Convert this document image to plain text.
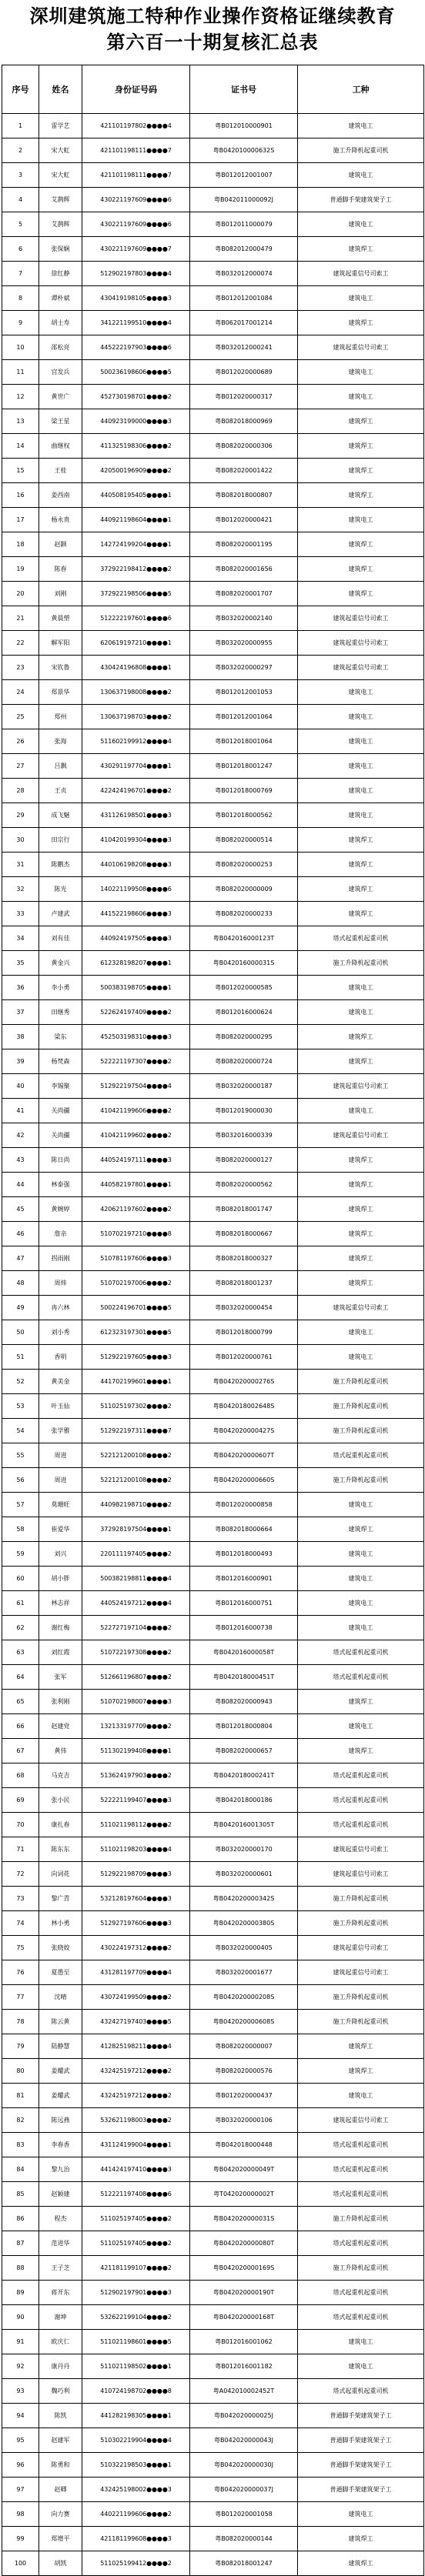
深圳建筑施工特种作业操作资格证继续教育
第六百一十期复核汇总表
序号	姓名	身份证号码	证书号	工种
1	雷学艺	421101197802●●●●4	粤B012010000901	建筑电工
2	宋大虹	421101198111●●●●7	粤B042010000632S	施工升降机起重司机
3	宋大虹	421101198111●●●●7	粤B012012001007	建筑电工
4	艾鹊辉	430221197609●●●●6	粤B042011000092J	普通脚手架建筑架子工
5	艾鹊辉	430221197609●●●●6	粤B012011000079	建筑电工
6	张保娴	430221197609●●●●7	粤B082012000479	建筑焊工
7	徐红静	512902197803●●●●4	粤B032012000074	建筑起重信号司索工
8	谭朴斌	430419198105●●●●3	粤B012012001084	建筑电工
9	胡士寿	341221199510●●●●4	粤B062017001214	建筑焊工
10	邵松亮	445222197903●●●●6	粤B032012000241	建筑起重信号司索工
11	宫发兵	500236198606●●●●5	粤B012020000689	建筑电工
12	黄世广	452730198701●●●●2	粤B012020000317	建筑电工
13	梁王星	440923199000●●●●3	粤B082018000969	建筑焊工
14	曲继权	411325198306●●●●2	粤B082020000306	建筑焊工
15	王桂	420500196909●●●●2	粤B082020001422	建筑焊工
16	姜西南	440508195405●●●●1	粤B082018000807	建筑焊工
17	杨永贵	440921198604●●●●1	粤B012020000421	建筑电工
18	赵颢	142724199204●●●●1	粤B082020001195	建筑焊工
19	陈春	372922198412●●●●2	粤B082020001656	建筑焊工
20	刘刚	372922198506●●●●5	粤B082020001707	建筑焊工
21	黄晨塑	512222197601●●●●6	粤B032020002140	建筑起重信号司索工
22	解军阳	620619197210●●●●1	粤B032020000955	建筑起重信号司索工
23	宋钦鲁	430424196808●●●●1	粤B032020000297	建筑起重信号司索工
24	郑景华	130637198008●●●●2	粤B012012001053	建筑电工
25	郑州	130637198703●●●●2	粤B012012001064	建筑电工
26	张海	511602199912●●●●4	粤B012018001064	建筑电工
27	吕飘	430291197704●●●●1	粤B012018001247	建筑电工
28	王贞	422424196701●●●●2	粤B012018000769	建筑电工
29	成飞魅	431126198501●●●●3	粤B012018000562	建筑电工
30	田宗行	410420199304●●●●3	粤B082020000514	建筑焊工
31	陈鹏杰	440106198208●●●●3	粤B082020000253	建筑焊工
32	陈光	140221199508●●●●6	粤B082020000009	建筑焊工
33	卢建武	441522198606●●●●3	粤B082020000233	建筑焊工
34	刘有佳	440924197505●●●●3	粤B042016000123T	塔式起重机起重司机
35	黄金兴	612328198207●●●●1	粤B042016000031S	施工升降机起重司机
36	李小勇	500383198705●●●●1	粤B012020000585	建筑电工
37	田继秀	522624197409●●●●2	粤B012016000624	建筑电工
38	梁东	452503198310●●●●3	粤B082020000295	建筑焊工
39	杨梵森	522221197307●●●●2	粤B082020000724	建筑焊工
40	李锡聚	512922197504●●●●4	粤B032020000187	建筑起重信号司索工
41	关尚疆	410421199606●●●●2	粤B012019000030	建筑电工
42	关尚疆	410421199602●●●●2	粤B032016000339	建筑起重信号司索工
43	陈日尚	440524197111●●●●3	粤B082020000127	建筑焊工
44	林泰强	440582197801●●●●1	粤B082020000562	建筑焊工
45	黄婉婷	420621197602●●●●2	粤B082018001747	建筑焊工
46	詹亲	510702197210●●●●8	粤B082018000667	建筑焊工
47	拐雨刚	510781197606●●●●3	粤B082018000327	建筑焊工
48	周炜	510702197006●●●●2	粤B082018001237	建筑焊工
49	冉六林	500224196701●●●●5	粤B032020000454	建筑起重信号司索工
50	刘小秀	612323197301●●●●5	粤B012018000799	建筑电工
51	香明	512922197605●●●●3	粤B012020000761	建筑电工
52	黄美金	441702199601●●●●1	粤B042020000276S	施工升降机起重司机
53	叶玉仙	511025197302●●●●2	粤B042018002648S	施工升降机起重司机
54	张学雅	512922197311●●●●7	粤B042020000427S	施工升降机起重司机
55	周进	522121200108●●●●2	粤B042020000607T	塔式起重机起重司机
56	周进	522121200108●●●●2	粤B042020000660S	施工升降机起重司机
57	莫珊旺	440982198710●●●●2	粤B012020000858	建筑电工
58	崔爱华	372928197504●●●●1	粤B082018000664	建筑焊工
59	刘兴	220111197405●●●●2	粤B012018000493	建筑电工
60	胡小胖	500382198811●●●●4	粤B012016000901	建筑电工
61	林志祥	440524197212●●●●4	粤B012016000751	建筑电工
62	谢红梅	522727197104●●●●2	粤B012016000738	建筑电工
63	刘红霞	510722197308●●●●2	粤B042016000058T	塔式起重机起重司机
64	张军	512661196807●●●●2	粤B042018000451T	塔式起重机起重司机
65	张利刚	510702198007●●●●3	粤B082020000943	建筑焊工
66	赵建党	132133197709●●●●2	粤B012018000804	建筑电工
67	黄伟	511302199408●●●●1	粤B082020000657	建筑焊工
68	马克吉	513624197903●●●●2	粤B042018000241T	塔式起重机起重司机
69	张小民	522221199407●●●●3	粤B042018000186	塔式起重机起重司机
70	康扎春	511021198112●●●●2	粤B042016001305T	塔式起重机起重司机
71	陈东东	511021198203●●●●4	粤B032020000170	建筑起重信号司索工
72	向词花	512922198709●●●●3	粤B032020000601	建筑起重信号司索工
73	黎广青	532128197604●●●●3	粤B042020000342S	施工升降机起重司机
74	林小勇	512927197606●●●●3	粤B042020000380S	施工升降机起重司机
75	张晓姣	430224197312●●●●2	粤B032020000405	建筑起重信号司索工
76	夏愚至	431281197709●●●●4	粤B032020001677	建筑起重信号司索工
77	沈晴	430724199509●●●●2	粤B042020000208S	施工升降机起重司机
78	陈云黄	432427197403●●●●5	粤B042020000608S	施工升降机起重司机
79	陆静慧	412825198211●●●●4	粤B082020000007	建筑焊工
80	姜耀武	432425197212●●●●2	粤B082020000576	建筑焊工
81	姜耀武	432425197212●●●●2	粤B012020000437	建筑电工
82	陈远燕	532621198003●●●●2	粤B032020000106	建筑起重信号司索工
83	李春香	431124199004●●●●1	粤B042018000448	塔式起重机起重司机
84	黎九治	441424197410●●●●3	粤B042020000049T	塔式起重机起重司机
85	赵颖建	512221197408●●●●6	粤T042020000002T	塔式起重机起重司机
86	程杰	511025197405●●●●2	粤B042020000031S	施工升降机起重司机
87	范进华	511025197405●●●●2	粤B042020000080T	塔式起重机起重司机
88	王子芝	421181199107●●●●2	粤B042020000169S	施工升降机起重司机
89	蒋开东	512902197901●●●●3	粤B042020000190T	塔式起重机起重司机
90	谢坤	532622199104●●●●2	粤B042020000168T	塔式起重机起重司机
91	欧庆仁	511021198601●●●●5	粤B012016001062	建筑电工
92	康丹丹	511021198502●●●●1	粤B012016001182	建筑电工
93	魏巧利	410724198702●●●●8	粤A042010002452T	塔式起重机起重司机
94	陈凯	441282198305●●●●1	粤B042020000025J	普通脚手架建筑架子工
95	赵建军	510302219904●●●●4	粤B042020000043J	普通脚手架建筑架子工
96	陈勇和	510322198503●●●●1	粤B042020000030J	普通脚手架建筑架子工
97	赵卿	432425198002●●●●3	粤B042020000037J	普通脚手架建筑架子工
98	向力赛	440221199606●●●●2	粤B012020001058	建筑电工
99	郑增平	421181199608●●●●3	粤B082020000144	建筑焊工
100	胡凯	511025199412●●●●2	粤B082018001247	建筑焊工
